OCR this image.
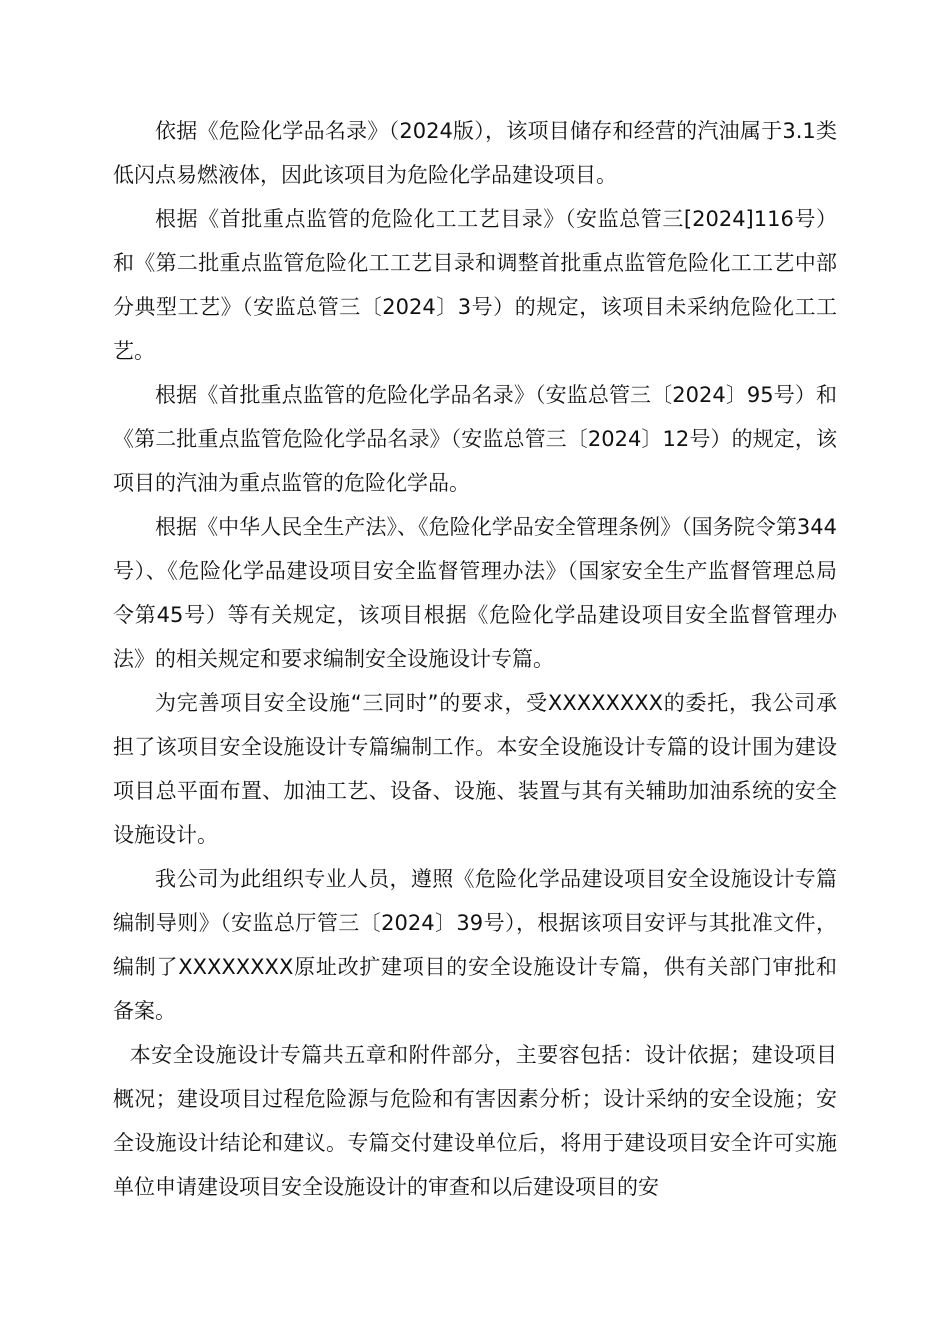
依据《危险化学品名录》（2024版），该项目储存和经营的汽油属于3.1类低闪点易燃液体，因此该项目为危险化学品建设项目。

根据《首批重点监管的危险化工工艺目录》（安监总管三[2024]116号）和《第二批重点监管危险化工工艺目录和调整首批重点监管危险化工工艺中部分典型工艺》（安监总管三〔2024〕3号）的规定，该项目未采纳危险化工工艺。

根据《首批重点监管的危险化学品名录》（安监总管三〔2024〕95号）和《第二批重点监管危险化学品名录》（安监总管三〔2024〕12号）的规定，该项目的汽油为重点监管的危险化学品。

根据《中华人民全生产法》、《危险化学品安全管理条例》（国务院令第344号）、《危险化学品建设项目安全监督管理办法》（国家安全生产监督管理总局令第45号）等有关规定，该项目根据《危险化学品建设项目安全监督管理办法》的相关规定和要求编制安全设施设计专篇。

为完善项目安全设施“三同时”的要求，受XXXXXXXX的委托，我公司承担了该项目安全设施设计专篇编制工作。本安全设施设计专篇的设计围为建设项目总平面布置、加油工艺、设备、设施、装置与其有关辅助加油系统的安全设施设计。

我公司为此组织专业人员，遵照《危险化学品建设项目安全设施设计专篇编制导则》（安监总厅管三〔2024〕39号），根据该项目安评与其批准文件，编制了XXXXXXXX原址改扩建项目的安全设施设计专篇，供有关部门审批和备案。

本安全设施设计专篇共五章和附件部分，主要容包括：设计依据；建设项目概况；建设项目过程危险源与危险和有害因素分析；设计采纳的安全设施；安全设施设计结论和建议。专篇交付建设单位后，将用于建设项目安全许可实施单位申请建设项目安全设施设计的审查和以后建设项目的安
